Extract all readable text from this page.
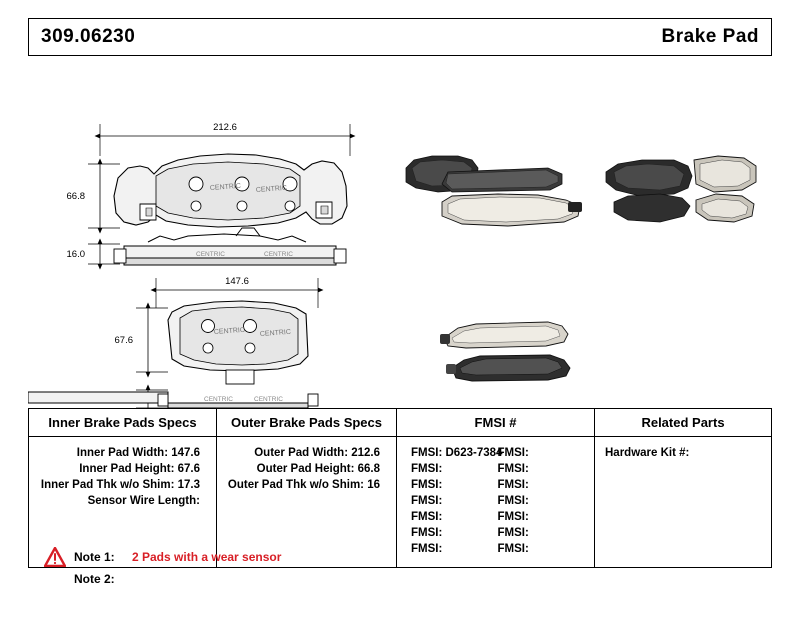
309.06230	Brake Pad
212.6
66.8
CENTRIC CENTRIC
16.0	CENTRIC	CENTRIC
147.6
67.6
CENTRIC CENTRIC
CENTRIC	CENTRIC
Inner Brake Pads Specs	Outer Brake Pads Specs	FMSI #	Related Parts
Inner Pad Width: 147.6
Inner Pad Height: 67.6
Inner Pad Thk w/o Shim: 17.3
Sensor Wire Length:
Outer Pad Width: 212.6
Outer Pad Height: 66.8
Outer Pad Thk w/o Shim: 16
FMSI: D623-7384
FMSI:
FMSI:
FMSI:
FMSI:
FMSI:
FMSI:
FMSI:
FMSI:
FMSI:
FMSI:
FMSI:
FMSI:
FMSI:
Hardware Kit #:
Note 1:	2 Pads with a wear sensor
Note 2:
